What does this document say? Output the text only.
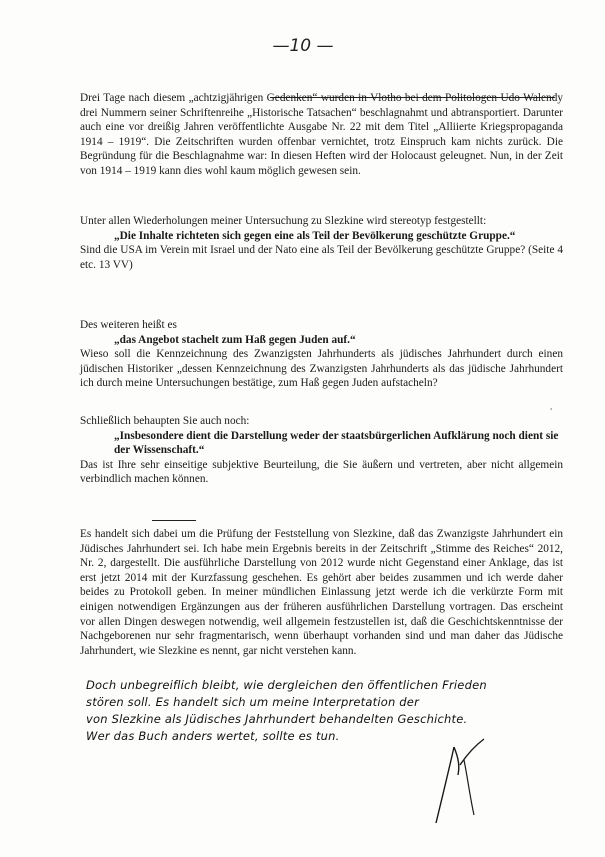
—10 —

Drei Tage nach diesem „achtzigjährigen Gedenken“ wurden in Vlotho bei dem Politologen Udo Walendy drei Nummern seiner Schriftenreihe „Historische Tatsachen“ beschlagnahmt und abtransportiert. Darunter auch eine vor dreißig Jahren veröffentlichte Ausgabe Nr. 22 mit dem Titel „Alliierte Kriegspropaganda 1914 – 1919“. Die Zeitschriften wurden offenbar vernichtet, trotz Einspruch kam nichts zurück. Die Begründung für die Beschlagnahme war: In diesen Heften wird der Holocaust geleugnet. Nun, in der Zeit von 1914 – 1919 kann dies wohl kaum möglich gewesen sein.

Unter allen Wiederholungen meiner Untersuchung zu Slezkine wird stereotyp festgestellt:

„Die Inhalte richteten sich gegen eine als Teil der Bevölkerung geschützte Gruppe.“

Sind die USA im Verein mit Israel und der Nato eine als Teil der Bevölkerung geschützte Gruppe? (Seite 4 etc. 13 VV)

Des weiteren heißt es

„das Angebot stachelt zum Haß gegen Juden auf.“

Wieso soll die Kennzeichnung des Zwanzigsten Jahrhunderts als jüdisches Jahrhundert durch einen jüdischen Historiker „dessen Kennzeichnung des Zwanzigsten Jahrhunderts als das jüdische Jahrhundert ich durch meine Untersuchungen bestätige, zum Haß gegen Juden aufstacheln?

'

Schließlich behaupten Sie auch noch:

„Insbesondere dient die Darstellung weder der staatsbürgerlichen Aufklärung noch dient sie der Wissenschaft.“

Das ist Ihre sehr einseitige subjektive Beurteilung, die Sie äußern und vertreten, aber nicht allgemein verbindlich machen können.

Es handelt sich dabei um die Prüfung der Feststellung von Slezkine, daß das Zwanzigste Jahrhundert ein Jüdisches Jahrhundert sei. Ich habe mein Ergebnis bereits in der Zeitschrift „Stimme des Reiches“ 2012, Nr. 2, dargestellt. Die ausführliche Darstellung von 2012 wurde nicht Gegenstand einer Anklage, das ist erst jetzt 2014 mit der Kurzfassung geschehen. Es gehört aber beides zusammen und ich werde daher beides zu Protokoll geben. In meiner mündlichen Einlassung jetzt werde ich die verkürzte Form mit einigen notwendigen Ergänzungen aus der früheren ausführlichen Darstellung vortragen. Das erscheint vor allen Dingen deswegen notwendig, weil allgemein festzustellen ist, daß die Geschichtskenntnisse der Nachgeborenen nur sehr fragmentarisch, wenn überhaupt vorhanden sind und man daher das Jüdische Jahrhundert, wie Slezkine es nennt, gar nicht verstehen kann.

Doch unbegreiflich bleibt, wie dergleichen den öffentlichen Frieden
stören soll. Es handelt sich um meine Interpretation der
von Slezkine als Jüdisches Jahrhundert behandelten Geschichte.
Wer das Buch anders wertet, sollte es tun.
